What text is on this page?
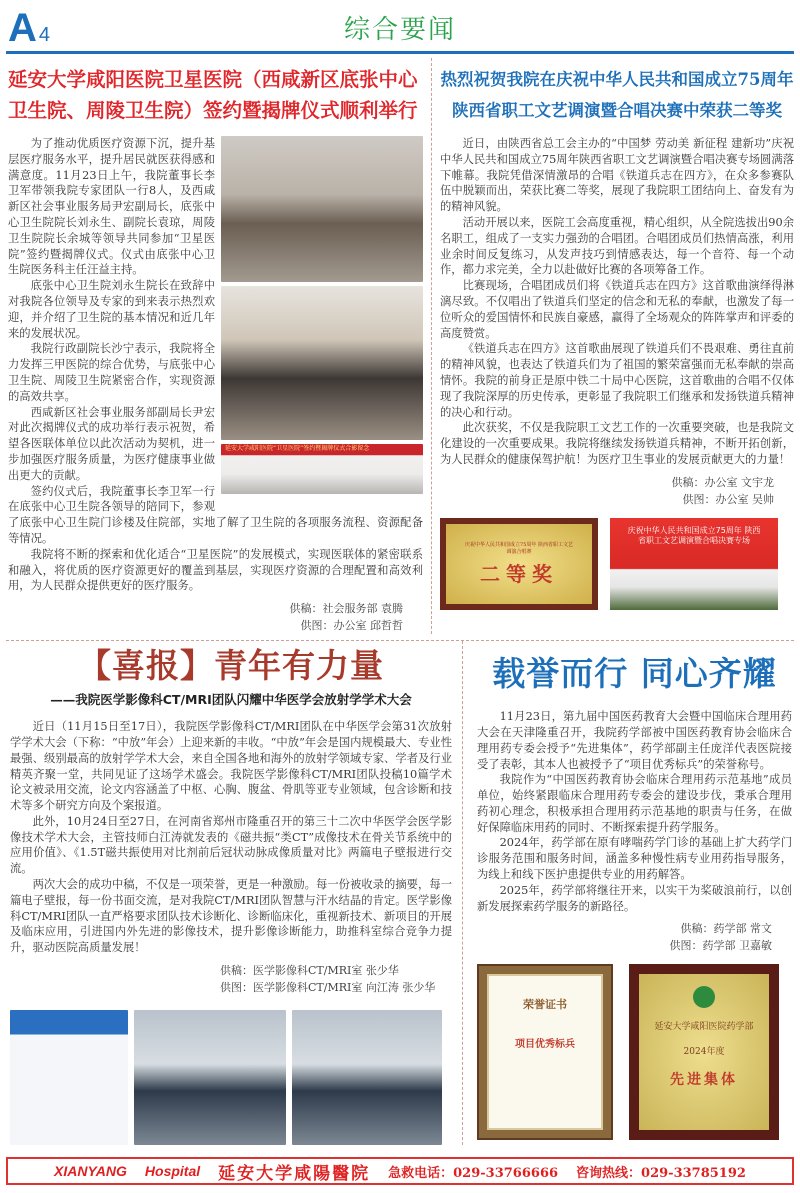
A 4	综合要闻
延安大学咸阳医院卫星医院（西咸新区底张中心
卫生院、周陵卫生院）签约暨揭牌仪式顺利举行
延安大学咸阳医院“卫星医院”签约暨揭牌仪式合影留念

为了推动优质医疗资源下沉，提升基层医疗服务水平，提升居民就医获得感和满意度。11月23日上午，我院董事长李卫军带领我院专家团队一行8人，及西咸新区社会事业服务局尹宏副局长，底张中心卫生院院长刘永生、副院长袁琼，周陵卫生院院长余城等领导共同参加“卫星医院”签约暨揭牌仪式。仪式由底张中心卫生院医务科主任汪益主持。

底张中心卫生院刘永生院长在致辞中对我院各位领导及专家的到来表示热烈欢迎，并介绍了卫生院的基本情况和近几年来的发展状况。

我院行政副院长沙宁表示，我院将全力发挥三甲医院的综合优势，与底张中心卫生院、周陵卫生院紧密合作，实现资源的高效共享。

西咸新区社会事业服务部副局长尹宏对此次揭牌仪式的成功举行表示祝贺，希望各医联体单位以此次活动为契机，进一步加强医疗服务质量，为医疗健康事业做出更大的贡献。

签约仪式后，我院董事长李卫军一行在底张中心卫生院各领导的陪同下，参观了底张中心卫生院门诊楼及住院部，实地了解了卫生院的各项服务流程、资源配备等情况。

我院将不断的探索和优化适合“卫星医院”的发展模式，实现医联体的紧密联系和融入，将优质的医疗资源更好的覆盖到基层，实现医疗资源的合理配置和高效利用，为人民群众提供更好的医疗服务。

供稿：社会服务部 袁腾
供图：办公室 邱哲哲
热烈祝贺我院在庆祝中华人民共和国成立75周年
陕西省职工文艺调演暨合唱决赛中荣获二等奖

近日，由陕西省总工会主办的“中国梦 劳动美 新征程 建新功”庆祝中华人民共和国成立75周年陕西省职工文艺调演暨合唱决赛专场圆满落下帷幕。我院凭借深情激昂的合唱《铁道兵志在四方》，在众多参赛队伍中脱颖而出，荣获比赛二等奖，展现了我院职工团结向上、奋发有为的精神风貌。

活动开展以来，医院工会高度重视，精心组织，从全院选拔出90余名职工，组成了一支实力强劲的合唱团。合唱团成员们热情高涨，利用业余时间反复练习，从发声技巧到情感表达，每一个音符、每一个动作，都力求完美，全力以赴做好比赛的各项筹备工作。

比赛现场，合唱团成员们将《铁道兵志在四方》这首歌曲演绎得淋漓尽致。不仅唱出了铁道兵们坚定的信念和无私的奉献，也激发了每一位听众的爱国情怀和民族自豪感，赢得了全场观众的阵阵掌声和评委的高度赞赏。

《铁道兵志在四方》这首歌曲展现了铁道兵们不畏艰难、勇往直前的精神风貌，也表达了铁道兵们为了祖国的繁荣富强而无私奉献的崇高情怀。我院的前身正是原中铁二十局中心医院，这首歌曲的合唱不仅体现了我院深厚的历史传承，更彰显了我院职工们继承和发扬铁道兵精神的决心和行动。

此次获奖，不仅是我院职工文艺工作的一次重要突破，也是我院文化建设的一次重要成果。我院将继续发扬铁道兵精神，不断开拓创新，为人民群众的健康保驾护航！为医疗卫生事业的发展贡献更大的力量！

供稿：办公室 文宇龙
供图：办公室 吴帅
庆祝中华人民共和国成立75周年 陕西省职工文艺调演合唱赛
二等奖
庆祝中华人民共和国成立75周年 陕西省职工文艺调演暨合唱决赛专场
【喜报】青年有力量
——我院医学影像科CT/MRI团队闪耀中华医学会放射学学术大会

近日（11月15日至17日），我院医学影像科CT/MRI团队在中华医学会第31次放射学学术大会（下称：“中放”年会）上迎来新的丰收。“中放”年会是国内规模最大、专业性最强、级别最高的放射学学术大会，来自全国各地和海外的放射学领域专家、学者及行业精英齐聚一堂，共同见证了这场学术盛会。我院医学影像科CT/MRI团队投稿10篇学术论文被录用交流，论文内容涵盖了中枢、心胸、腹盆、骨肌等亚专业领域，包含诊断和技术等多个研究方向及个案报道。

此外，10月24日至27日，在河南省郑州市隆重召开的第三十二次中华医学会医学影像技术学术大会，主管技师白江涛就发表的《磁共振“类CT”成像技术在骨关节系统中的应用价值》、《1.5T磁共振使用对比剂前后冠状动脉成像质量对比》两篇电子壁报进行交流。

两次大会的成功中稿，不仅是一项荣誉，更是一种激励。每一份被收录的摘要，每一篇电子壁报，每一份书面交流，是对我院CT/MRI团队智慧与汗水结晶的肯定。医学影像科CT/MRI团队一直严格要求团队技术诊断化、诊断临床化，重视新技术、新项目的开展及临床应用，引进国内外先进的影像技术，提升影像诊断能力，助推科室综合竞争力提升，驱动医院高质量发展！

供稿：医学影像科CT/MRI室 张少华
供图：医学影像科CT/MRI室 向江涛 张少华
载誉而行 同心齐耀

11月23日，第九届中国医药教育大会暨中国临床合理用药大会在天津隆重召开，我院药学部被中国医药教育协会临床合理用药专委会授予“先进集体”，药学部副主任庞洋代表医院接受了表彰，其本人也被授予了“项目优秀标兵”的荣誉称号。

我院作为“中国医药教育协会临床合理用药示范基地”成员单位，始终紧跟临床合理用药专委会的建设步伐，秉承合理用药初心理念，积极承担合理用药示范基地的职责与任务，在做好保障临床用药的同时、不断探索提升药学服务。

2024年，药学部在原有哮喘药学门诊的基础上扩大药学门诊服务范围和服务时间，涵盖多种慢性病专业用药指导服务，为线上和线下医护患提供专业的用药解答。

2025年，药学部将继往开来，以实干为桨破浪前行，以创新发展探索药学服务的新路径。

供稿：药学部 常文
供图：药学部 卫嘉敏
荣誉证书
项目优秀标兵
延安大学咸阳医院药学部
2024年度
先进集体
XIANYANG Hospital 延安大学咸陽醫院 急救电话：029-33766666 咨询热线：029-33785192
